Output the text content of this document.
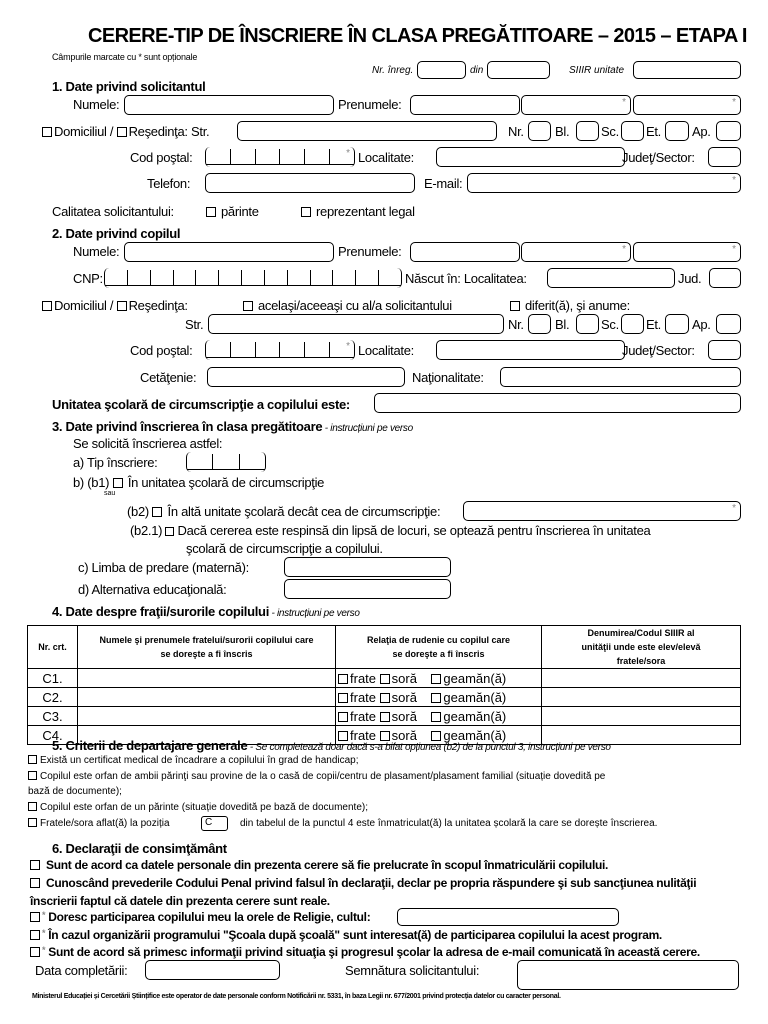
CERERE-TIP DE ÎNSCRIERE ÎN CLASA PREGĂTITOARE – 2015 – ETAPA I
Câmpurile marcate cu * sunt opționale
Nr. înreg.	din	SIIIR unitate
1. Date privind solicitantul
Numele:	Prenumele:
*
*
Domiciliul / Reşedinţa: Str.	Nr. Bl. Sc. Et. Ap.
Cod poştal: *	Localitate:	Judeţ/Sector:
Telefon:	E-mail:
*
Calitatea solicitantului:	părinte	reprezentant legal
2. Date privind copilul
Numele:	Prenumele:
*
*
CNP:	Născut în: Localitatea:	Jud.
Domiciliul / Reşedinţa:	acelaşi/aceeaşi cu al/a solicitantului	diferit(ă), şi anume:
Str.	Nr. Bl. Sc. Et. Ap.
Cod poştal: *	Localitate:	Judeţ/Sector:
Cetăţenie:	Naţionalitate:
Unitatea şcolară de circumscripţie a copilului este:
3. Date privind înscrierea în clasa pregătitoare - instrucțiuni pe verso
Se solicită înscrierea astfel:
a) Tip înscriere:
b) (b1) În unitatea şcolară de circumscripţie
sau
(b2) În altă unitate şcolară decât cea de circumscripţie:
*
(b2.1) Dacă cererea este respinsă din lipsă de locuri, se optează pentru înscrierea în unitatea
şcolară de circumscripţie a copilului.
c) Limba de predare (maternă):
d) Alternativa educaţională:
4. Date despre fraţii/surorile copilului - instrucțiuni pe verso
Nr. crt.	Numele şi prenumele fratelui/surorii copilului care se doreşte a fi înscris	Relaţia de rudenie cu copilul care se doreşte a fi înscris	Denumirea/Codul SIIIR al unităţii unde este elev/elevă fratele/sora
C1.		frate soră geamăn(ă)	
C2.		frate soră geamăn(ă)	
C3.		frate soră geamăn(ă)	
C4.		frate soră geamăn(ă)	
5. Criterii de departajare generale - Se completează doar dacă s-a bifat opțiunea (b2) de la punctul 3, instrucțiuni pe verso
Există un certificat medical de încadrare a copilului în grad de handicap;
Copilul este orfan de ambii părinţi sau provine de la o casă de copii/centru de plasament/plasament familial (situație dovedită pe
bază de documente);
Copilul este orfan de un părinte (situație dovedită pe bază de documente);
Fratele/sora aflat(ă) la poziția	C	din tabelul de la punctul 4 este înmatriculat(ă) la unitatea școlară la care se dorește înscrierea.
6. Declaraţii de consimţământ
Sunt de acord ca datele personale din prezenta cerere să fie prelucrate în scopul înmatriculării copilului.
Cunoscând prevederile Codului Penal privind falsul în declaraţii, declar pe propria răspundere şi sub sancţiunea nulităţii
înscrierii faptul că datele din prezenta cerere sunt reale.
* Doresc participarea copilului meu la orele de Religie, cultul:
* În cazul organizării programului "Şcoala după şcoală" sunt interesat(ă) de participarea copilului la acest program.
* Sunt de acord să primesc informaţii privind situaţia şi progresul şcolar la adresa de e-mail comunicată în această cerere.
Data completării:	Semnătura solicitantului:
Ministerul Educației și Cercetării Științifice este operator de date personale conform Notificării nr. 5331, în baza Legii nr. 677/2001 privind protecția datelor cu caracter personal.
